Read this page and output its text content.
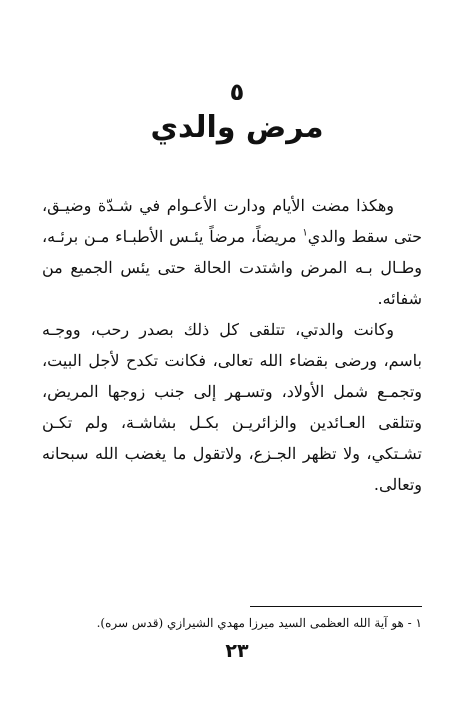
٥
مرض والدي

وهكذا مضت الأيام ودارت الأعـوام في شـدّة وضيـق، حتى سقط والدي$^١$ مريضاً، مرضاً يئـس الأطبـاء مـن برئـه، وطـال بـه المرض واشتدت الحالة حتى يئس الجميع من شفائه.

وكانت والدتي، تتلقى كل ذلك بصدر رحب، ووجـه باسم، ورضى بقضاء الله تعالى، فكانت تكدح لأجل البيت، وتجمـع شمل الأولاد، وتسـهر إلى جنب زوجها المريض، وتتلقى العـائدين والزائريـن بكـل بشاشـة، ولم تكـن تشـتكي، ولا تظهر الجـزع، ولاتقول ما يغضب الله سبحانه وتعالى.

١ - هو آية الله العظمى السيد ميرزا مهدي الشيرازي (قدس سره).
٢٣
